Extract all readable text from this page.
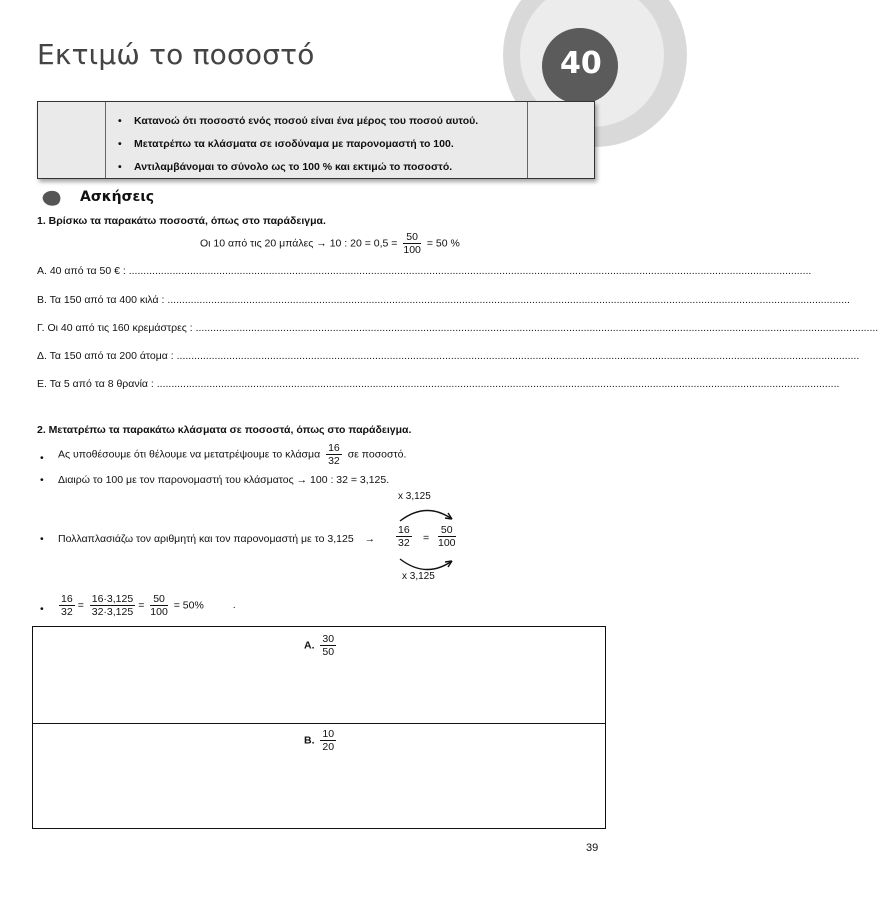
Εκτιμώ το ποσοστό	40
• Κατανοώ ότι ποσοστό ενός ποσού είναι ένα μέρος του ποσού αυτού.
• Μετατρέπω τα κλάσματα σε ισοδύναμα με παρονομαστή το 100.
• Αντιλαμβάνομαι το σύνολο ως το 100 % και εκτιμώ το ποσοστό.
Ασκήσεις
1. Βρίσκω τα παρακάτω ποσοστά, όπως στο παράδειγμα.
Οι 10 από τις 20 μπάλες → 10 : $20 = 0,5 = \frac{50}{100} = 50$ %
Α. 40 από τα 50 € : ..........................................................................................................................................................................................................................................
Β. Τα 150 από τα 400 κιλά : ..........................................................................................................................................................................................................................................
Γ. Οι 40 από τις 160 κρεμάστρες : ..........................................................................................................................................................................................................................................
Δ. Τα 150 από τα 200 άτομα : ..........................................................................................................................................................................................................................................
Ε. Τα 5 από τα 8 θρανία : ..........................................................................................................................................................................................................................................
2. Μετατρέπω τα παρακάτω κλάσματα σε ποσοστά, όπως στο παράδειγμα.
• Ας υποθέσουμε ότι θέλουμε να μετατρέψουμε το κλάσμα $\frac{16}{32}$ σε ποσοστό.
• Διαιρώ το 100 με τον παρονομαστή του κλάσματος → 100 : 32 = 3,125.
• Πολλαπλασιάζω τον αριθμητή και τον παρονομαστή με το 3,125 →
x 3,125
$\frac{16}{32} = \frac{50}{100}$
x 3,125
• $\frac{16}{32} = \frac{16\cdot 3,125}{32\cdot 3,125} = \frac{50}{100} = 50\%$	.
Α. $\frac{30}{50}$
Β. $\frac{10}{20}$
39
